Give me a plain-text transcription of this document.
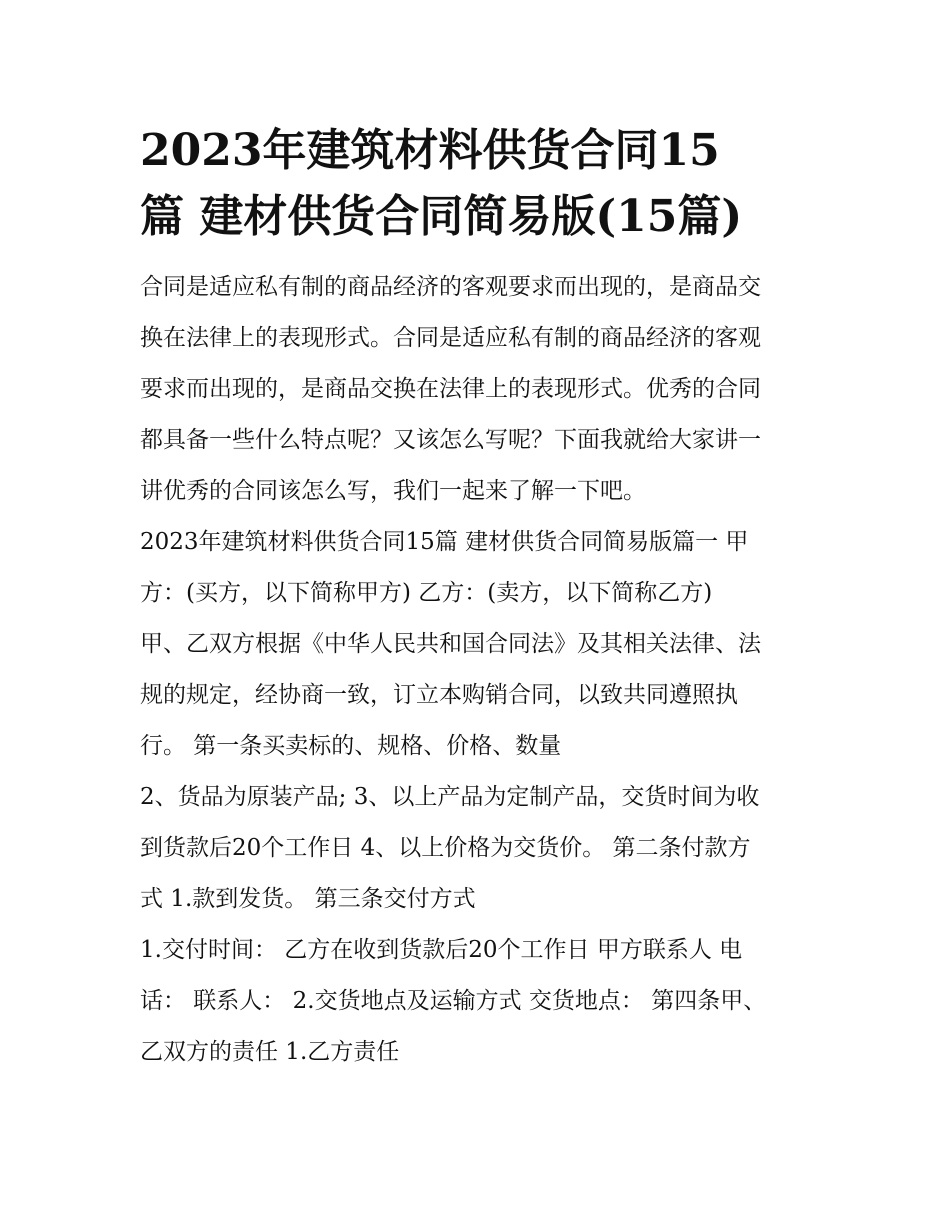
2023年建筑材料供货合同15
篇 建材供货合同简易版(15篇)

合同是适应私有制的商品经济的客观要求而出现的，是商品交
换在法律上的表现形式。合同是适应私有制的商品经济的客观
要求而出现的，是商品交换在法律上的表现形式。优秀的合同
都具备一些什么特点呢？又该怎么写呢？下面我就给大家讲一
讲优秀的合同该怎么写，我们一起来了解一下吧。

2023年建筑材料供货合同15篇 建材供货合同简易版篇一 甲
方：(买方，以下简称甲方) 乙方：(卖方，以下简称乙方)

甲、乙双方根据《中华人民共和国合同法》及其相关法律、法
规的规定，经协商一致，订立本购销合同，以致共同遵照执
行。 第一条买卖标的、规格、价格、数量

2、货品为原装产品; 3、以上产品为定制产品，交货时间为收
到货款后20个工作日 4、以上价格为交货价。 第二条付款方
式 1.款到发货。 第三条交付方式

1.交付时间： 乙方在收到货款后20个工作日 甲方联系人 电
话： 联系人： 2.交货地点及运输方式 交货地点： 第四条甲、
乙双方的责任 1.乙方责任
